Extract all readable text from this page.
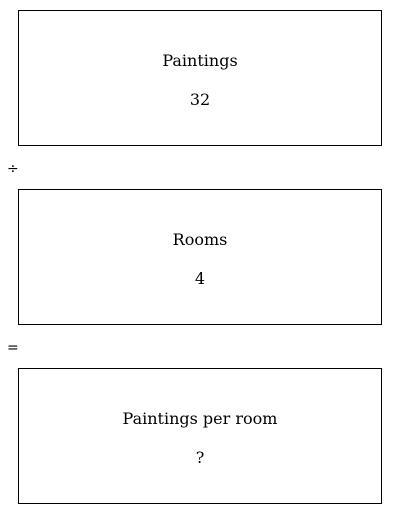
Paintings
32
÷
Rooms
4
=
Paintings per room
?
